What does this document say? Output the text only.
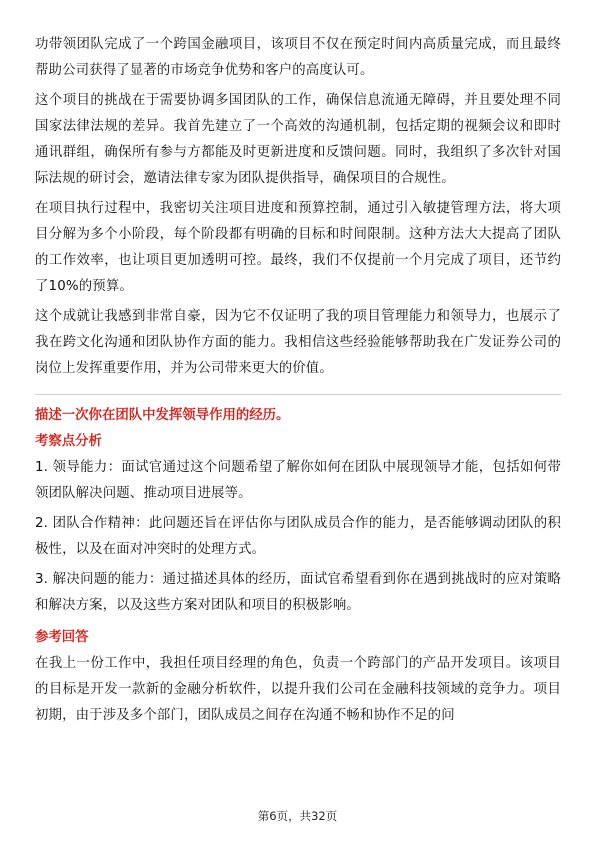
功带领团队完成了一个跨国金融项目，该项目不仅在预定时间内高质量完成，而且最终帮助公司获得了显著的市场竞争优势和客户的高度认可。

这个项目的挑战在于需要协调多国团队的工作，确保信息流通无障碍，并且要处理不同国家法律法规的差异。我首先建立了一个高效的沟通机制，包括定期的视频会议和即时通讯群组，确保所有参与方都能及时更新进度和反馈问题。同时，我组织了多次针对国际法规的研讨会，邀请法律专家为团队提供指导，确保项目的合规性。

在项目执行过程中，我密切关注项目进度和预算控制，通过引入敏捷管理方法，将大项目分解为多个小阶段，每个阶段都有明确的目标和时间限制。这种方法大大提高了团队的工作效率，也让项目更加透明可控。最终，我们不仅提前一个月完成了项目，还节约了10%的预算。

这个成就让我感到非常自豪，因为它不仅证明了我的项目管理能力和领导力，也展示了我在跨文化沟通和团队协作方面的能力。我相信这些经验能够帮助我在广发证券公司的岗位上发挥重要作用，并为公司带来更大的价值。

描述一次你在团队中发挥领导作用的经历。
考察点分析

1. 领导能力：面试官通过这个问题希望了解你如何在团队中展现领导才能，包括如何带领团队解决问题、推动项目进展等。

2. 团队合作精神：此问题还旨在评估你与团队成员合作的能力，是否能够调动团队的积极性，以及在面对冲突时的处理方式。

3. 解决问题的能力：通过描述具体的经历，面试官希望看到你在遇到挑战时的应对策略和解决方案，以及这些方案对团队和项目的积极影响。

参考回答

在我上一份工作中，我担任项目经理的角色，负责一个跨部门的产品开发项目。该项目的目标是开发一款新的金融分析软件，以提升我们公司在金融科技领域的竞争力。项目初期，由于涉及多个部门，团队成员之间存在沟通不畅和协作不足的问

第6页，共32页
